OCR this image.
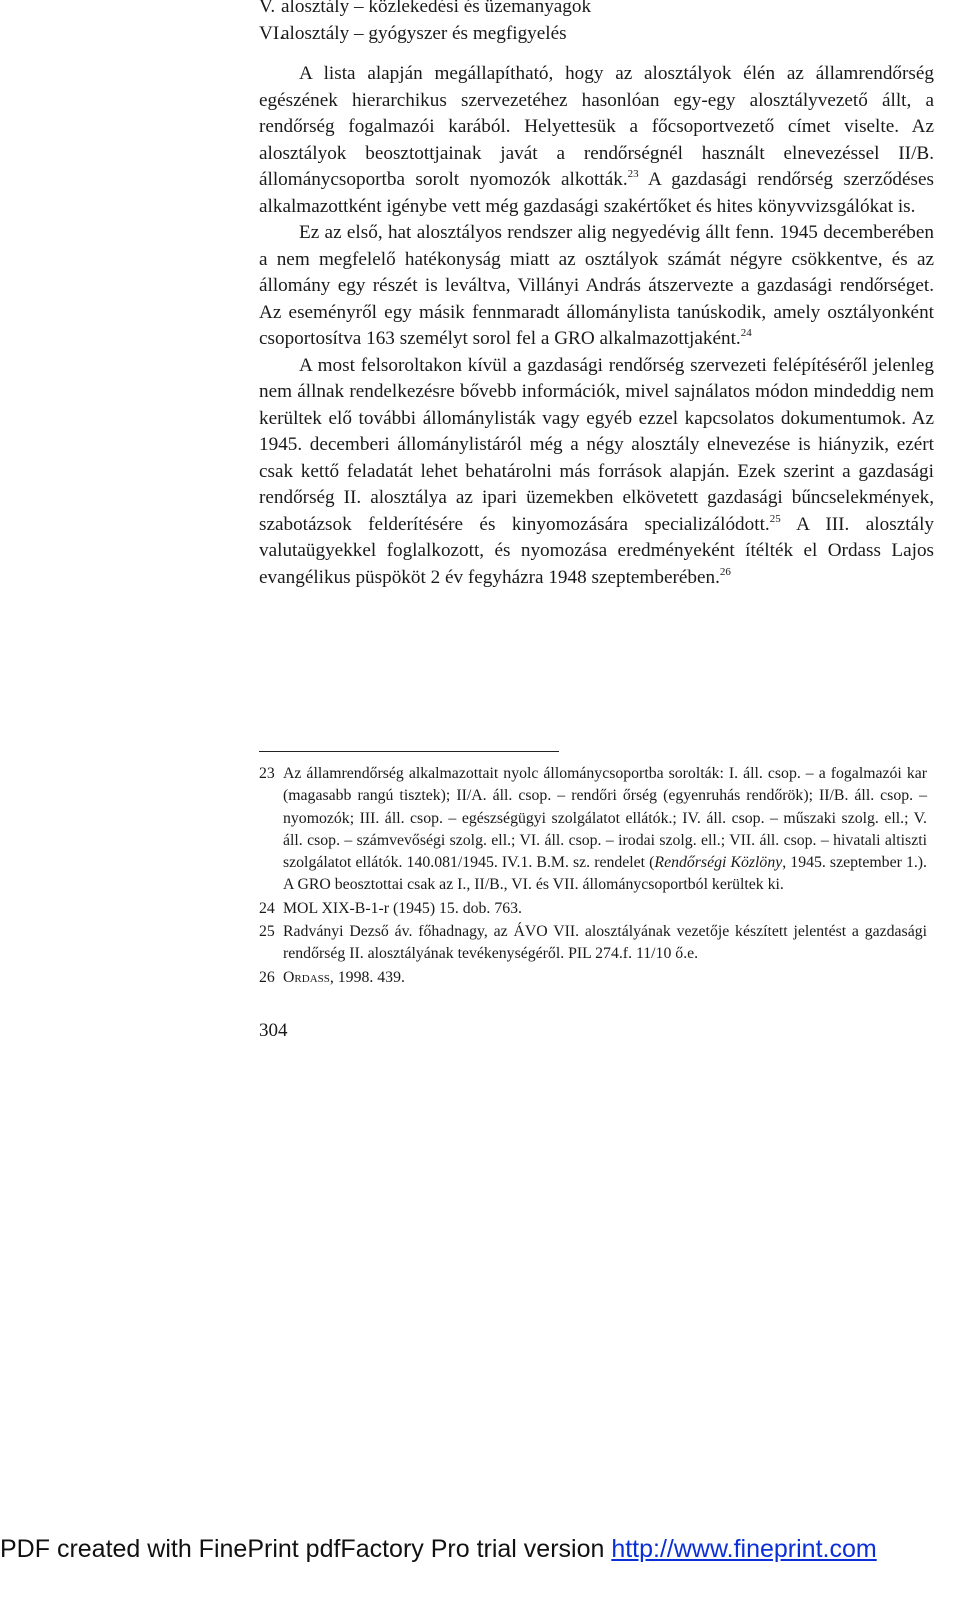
V. alosztály – közlekedési és üzemanyagok
VI.alosztály – gyógyszer és megfigyelés

A lista alapján megállapítható, hogy az alosztályok élén az államrendőrség egészének hierarchikus szervezetéhez hasonlóan egy-egy alosztályvezető állt, a rendőrség fogalmazói karából. Helyettesük a főcsoportvezető címet viselte. Az alosztályok beosztottjainak javát a rendőrségnél használt elnevezéssel II/B. állománycsoportba sorolt nyomozók alkották.$^{23}$ A gazdasági rendőrség szerződéses alkalmazottként igénybe vett még gazdasági szakértőket és hites könyvvizsgálókat is.

Ez az első, hat alosztályos rendszer alig negyedévig állt fenn. 1945 decemberében a nem megfelelő hatékonyság miatt az osztályok számát négyre csökkentve, és az állomány egy részét is leváltva, Villányi András átszervezte a gazdasági rendőrséget. Az eseményről egy másik fennmaradt állománylista tanúskodik, amely osztályonként csoportosítva 163 személyt sorol fel a GRO alkalmazottjaként.$^{24}$

A most felsoroltakon kívül a gazdasági rendőrség szervezeti felépítéséről jelenleg nem állnak rendelkezésre bővebb információk, mivel sajnálatos módon mindeddig nem kerültek elő további állománylisták vagy egyéb ezzel kapcsolatos dokumentumok. Az 1945. decemberi állománylistáról még a négy alosztály elnevezése is hiányzik, ezért csak kettő feladatát lehet behatárolni más források alapján. Ezek szerint a gazdasági rendőrség II. alosztálya az ipari üzemekben elkövetett gazdasági bűncselekmények, szabotázsok felderítésére és kinyomozására specializálódott.$^{25}$ A III. alosztály valutaügyekkel foglalkozott, és nyomozása eredményeként ítélték el Ordass Lajos evangélikus püspököt 2 év fegyházra 1948 szeptemberében.$^{26}$

23 Az államrendőrség alkalmazottait nyolc állománycsoportba sorolták: I. áll. csop. – a fogalmazói kar (magasabb rangú tisztek); II/A. áll. csop. – rendőri őrség (egyenruhás rendőrök); II/B. áll. csop. – nyomozók; III. áll. csop. – egészségügyi szolgálatot ellátók.; IV. áll. csop. – műszaki szolg. ell.; V. áll. csop. – számvevőségi szolg. ell.; VI. áll. csop. – irodai szolg. ell.; VII. áll. csop. – hivatali altiszti szolgálatot ellátók. 140.081/1945. IV.1. B.M. sz. rendelet (Rendőrségi Közlöny, 1945. szeptember 1.). A GRO beosztottai csak az I., II/B., VI. és VII. állománycsoportból kerültek ki.
24 MOL XIX-B-1-r (1945) 15. dob. 763.
25 Radványi Dezső áv. főhadnagy, az ÁVO VII. alosztályának vezetője készített jelentést a gazdasági rendőrség II. alosztályának tevékenységéről. PIL 274.f. 11/10 ő.e.
26 Ordass, 1998. 439.
304
PDF created with FinePrint pdfFactory Pro trial version http://www.fineprint.com
